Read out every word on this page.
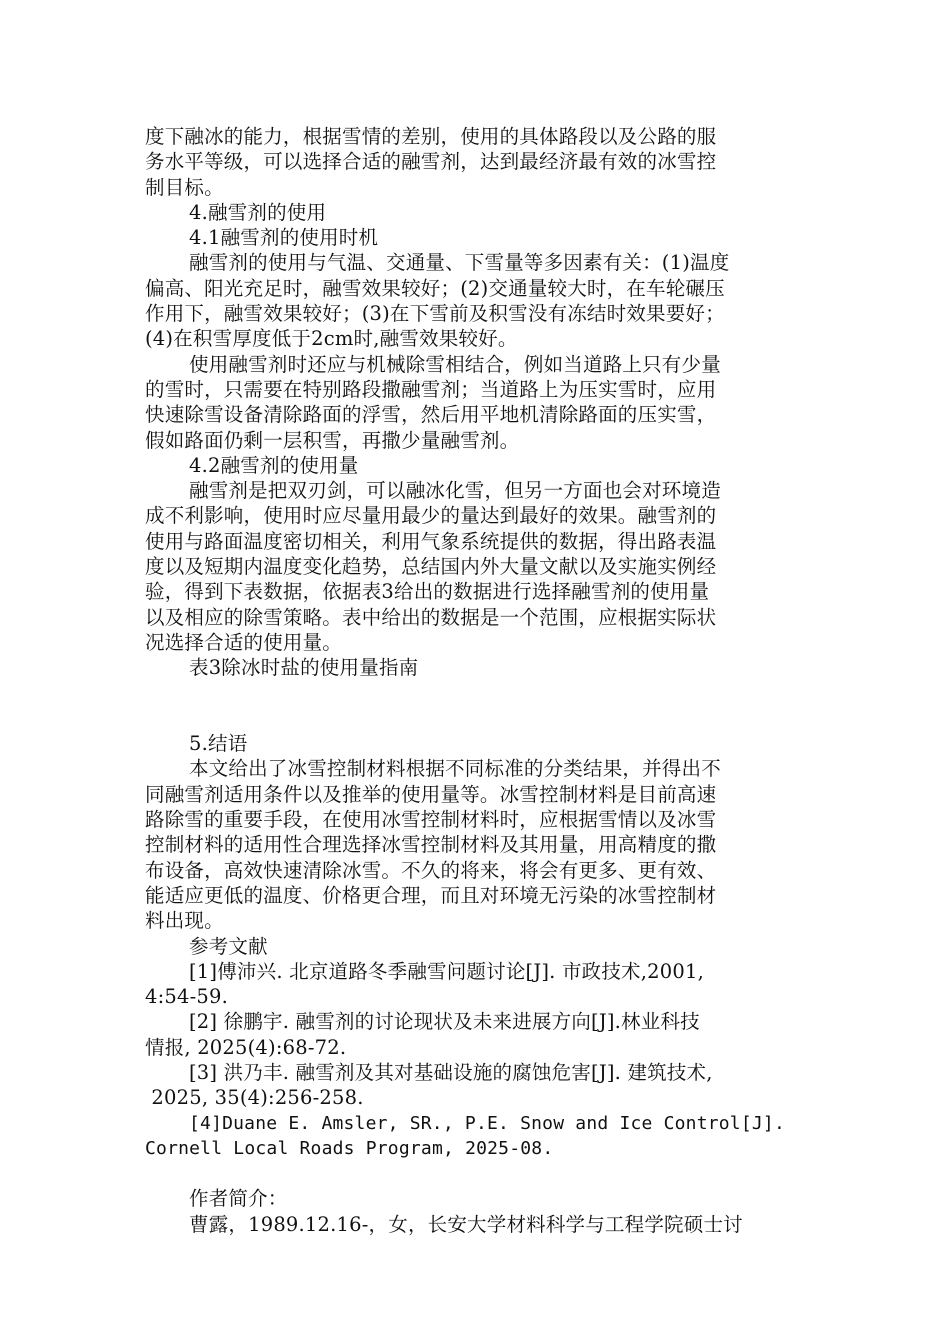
度下融冰的能力，根据雪情的差别，使用的具体路段以及公路的服
务水平等级，可以选择合适的融雪剂，达到最经济最有效的冰雪控
制目标。
4.融雪剂的使用
4.1融雪剂的使用时机
融雪剂的使用与气温、交通量、下雪量等多因素有关：(1)温度
偏高、阳光充足时，融雪效果较好；(2)交通量较大时，在车轮碾压
作用下，融雪效果较好；(3)在下雪前及积雪没有冻结时效果要好；
(4)在积雪厚度低于2cm时,融雪效果较好。
使用融雪剂时还应与机械除雪相结合，例如当道路上只有少量
的雪时，只需要在特别路段撒融雪剂；当道路上为压实雪时，应用
快速除雪设备清除路面的浮雪，然后用平地机清除路面的压实雪，
假如路面仍剩一层积雪，再撒少量融雪剂。
4.2融雪剂的使用量
融雪剂是把双刃剑，可以融冰化雪，但另一方面也会对环境造
成不利影响，使用时应尽量用最少的量达到最好的效果。融雪剂的
使用与路面温度密切相关，利用气象系统提供的数据，得出路表温
度以及短期内温度变化趋势，总结国内外大量文献以及实施实例经
验，得到下表数据，依据表3给出的数据进行选择融雪剂的使用量
以及相应的除雪策略。表中给出的数据是一个范围，应根据实际状
况选择合适的使用量。
表3除冰时盐的使用量指南
5.结语
本文给出了冰雪控制材料根据不同标准的分类结果，并得出不
同融雪剂适用条件以及推举的使用量等。冰雪控制材料是目前高速
路除雪的重要手段，在使用冰雪控制材料时，应根据雪情以及冰雪
控制材料的适用性合理选择冰雪控制材料及其用量，用高精度的撒
布设备，高效快速清除冰雪。不久的将来，将会有更多、更有效、
能适应更低的温度、价格更合理，而且对环境无污染的冰雪控制材
料出现。
参考文献
[1]傅沛兴. 北京道路冬季融雪问题讨论[J]. 市政技术,2001,
4:54-59.
[2] 徐鹏宇. 融雪剂的讨论现状及未来进展方向[J].林业科技
情报, 2025(4):68-72.
[3] 洪乃丰. 融雪剂及其对基础设施的腐蚀危害[J]. 建筑技术,
2025, 35(4):256-258.
[4]Duane E. Amsler, SR., P.E. Snow and Ice Control[J].
Cornell Local Roads Program, 2025-08.
作者简介：
曹露，1989.12.16-，女，长安大学材料科学与工程学院硕士讨
